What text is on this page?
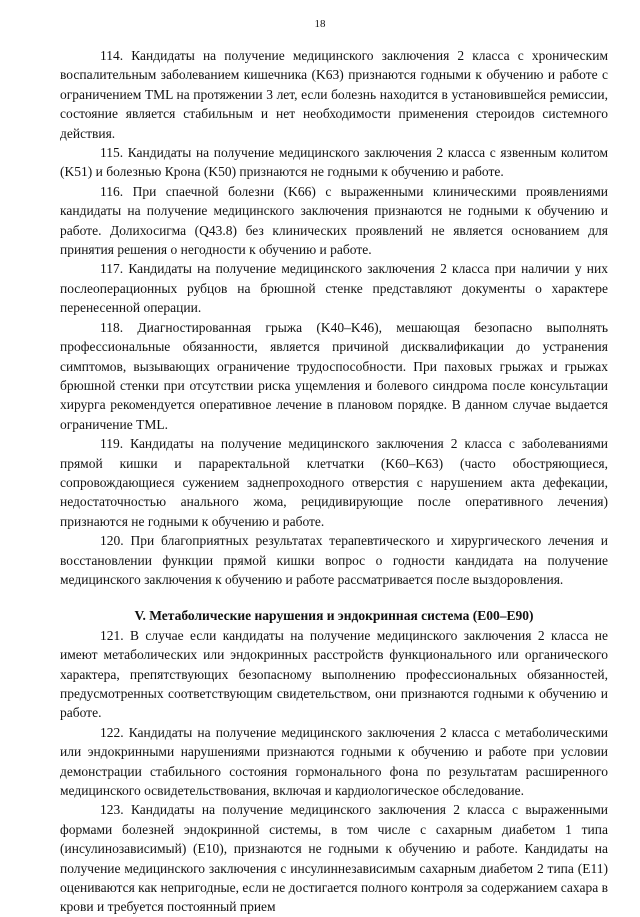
18

114. Кандидаты на получение медицинского заключения 2 класса с хроническим воспалительным заболеванием кишечника (K63) признаются годными к обучению и работе с ограничением TML на протяжении 3 лет, если болезнь находится в установившейся ремиссии, состояние является стабильным и нет необходимости применения стероидов системного действия.

115. Кандидаты на получение медицинского заключения 2 класса с язвенным колитом (K51) и болезнью Крона (K50) признаются не годными к обучению и работе.

116. При спаечной болезни (K66) с выраженными клиническими проявлениями кандидаты на получение медицинского заключения признаются не годными к обучению и работе. Долихосигма (Q43.8) без клинических проявлений не является основанием для принятия решения о негодности к обучению и работе.

117. Кандидаты на получение медицинского заключения 2 класса при наличии у них послеоперационных рубцов на брюшной стенке представляют документы о характере перенесенной операции.

118. Диагностированная грыжа (K40–K46), мешающая безопасно выполнять профессиональные обязанности, является причиной дисквалификации до устранения симптомов, вызывающих ограничение трудоспособности. При паховых грыжах и грыжах брюшной стенки при отсутствии риска ущемления и болевого синдрома после консультации хирурга рекомендуется оперативное лечение в плановом порядке. В данном случае выдается ограничение TML.

119. Кандидаты на получение медицинского заключения 2 класса с заболеваниями прямой кишки и параректальной клетчатки (K60–K63) (часто обостряющиеся, сопровождающиеся сужением заднепроходного отверстия с нарушением акта дефекации, недостаточностью анального жома, рецидивирующие после оперативного лечения) признаются не годными к обучению и работе.

120. При благоприятных результатах терапевтического и хирургического лечения и восстановлении функции прямой кишки вопрос о годности кандидата на получение медицинского заключения к обучению и работе рассматривается после выздоровления.

V. Метаболические нарушения и эндокринная система (E00–E90)

121. В случае если кандидаты на получение медицинского заключения 2 класса не имеют метаболических или эндокринных расстройств функционального или органического характера, препятствующих безопасному выполнению профессиональных обязанностей, предусмотренных соответствующим свидетельством, они признаются годными к обучению и работе.

122. Кандидаты на получение медицинского заключения 2 класса с метаболическими или эндокринными нарушениями признаются годными к обучению и работе при условии демонстрации стабильного состояния гормонального фона по результатам расширенного медицинского освидетельствования, включая и кардиологическое обследование.

123. Кандидаты на получение медицинского заключения 2 класса с выраженными формами болезней эндокринной системы, в том числе с сахарным диабетом 1 типа (инсулинозависимый) (E10), признаются не годными к обучению и работе. Кандидаты на получение медицинского заключения с инсулиннезависимым сахарным диабетом 2 типа (E11) оцениваются как непригодные, если не достигается полного контроля за содержанием сахара в крови и требуется постоянный прием
